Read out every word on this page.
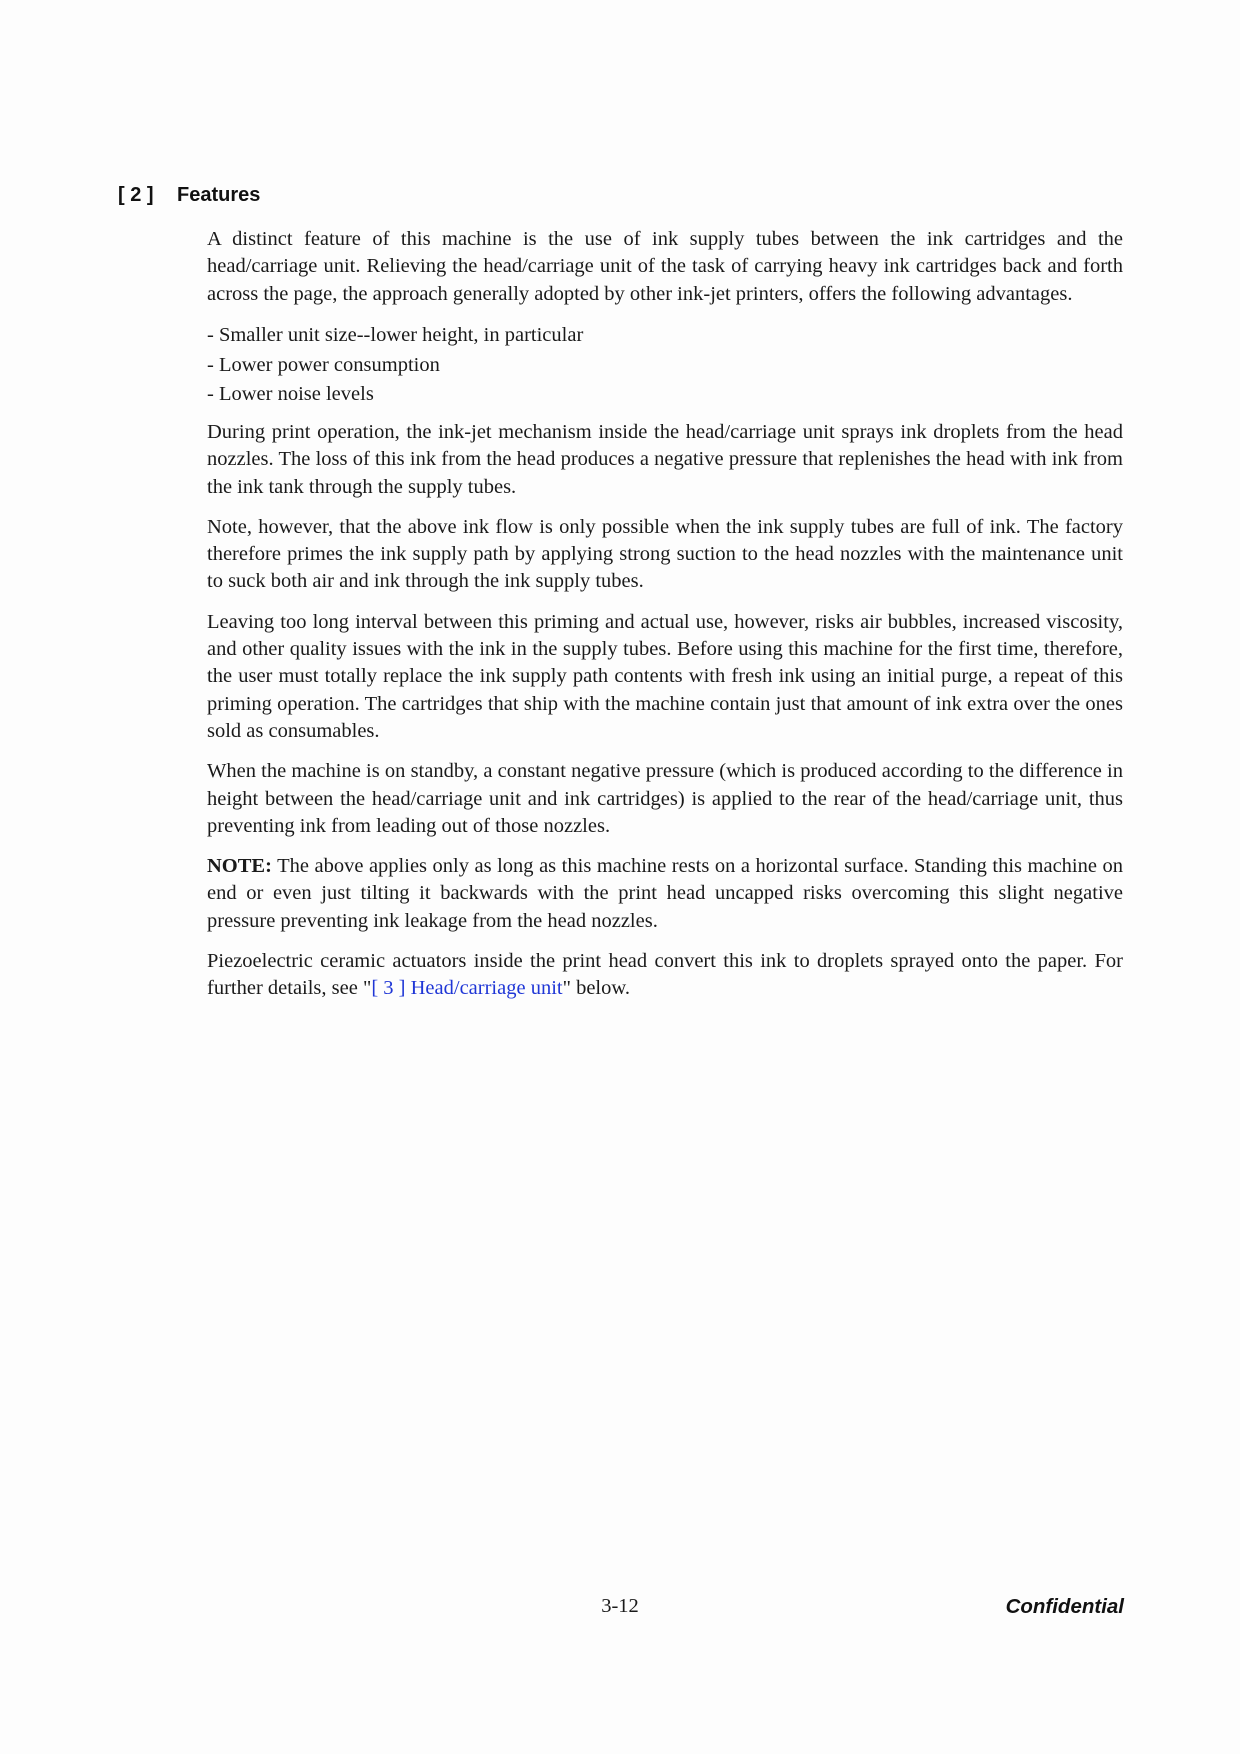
[ 2 ] Features

A distinct feature of this machine is the use of ink supply tubes between the ink cartridges and the head/carriage unit. Relieving the head/carriage unit of the task of carrying heavy ink cartridges back and forth across the page, the approach generally adopted by other ink-jet printers, offers the following advantages.

- Smaller unit size--lower height, in particular
- Lower power consumption
- Lower noise levels

During print operation, the ink-jet mechanism inside the head/carriage unit sprays ink droplets from the head nozzles. The loss of this ink from the head produces a negative pressure that replenishes the head with ink from the ink tank through the supply tubes.

Note, however, that the above ink flow is only possible when the ink supply tubes are full of ink. The factory therefore primes the ink supply path by applying strong suction to the head nozzles with the maintenance unit to suck both air and ink through the ink supply tubes.

Leaving too long interval between this priming and actual use, however, risks air bubbles, increased viscosity, and other quality issues with the ink in the supply tubes. Before using this machine for the first time, therefore, the user must totally replace the ink supply path contents with fresh ink using an initial purge, a repeat of this priming operation. The cartridges that ship with the machine contain just that amount of ink extra over the ones sold as consumables.

When the machine is on standby, a constant negative pressure (which is produced according to the difference in height between the head/carriage unit and ink cartridges) is applied to the rear of the head/carriage unit, thus preventing ink from leading out of those nozzles.

NOTE: The above applies only as long as this machine rests on a horizontal surface. Standing this machine on end or even just tilting it backwards with the print head uncapped risks overcoming this slight negative pressure preventing ink leakage from the head nozzles.

Piezoelectric ceramic actuators inside the print head convert this ink to droplets sprayed onto the paper. For further details, see "[ 3 ] Head/carriage unit" below.

3-12	Confidential
